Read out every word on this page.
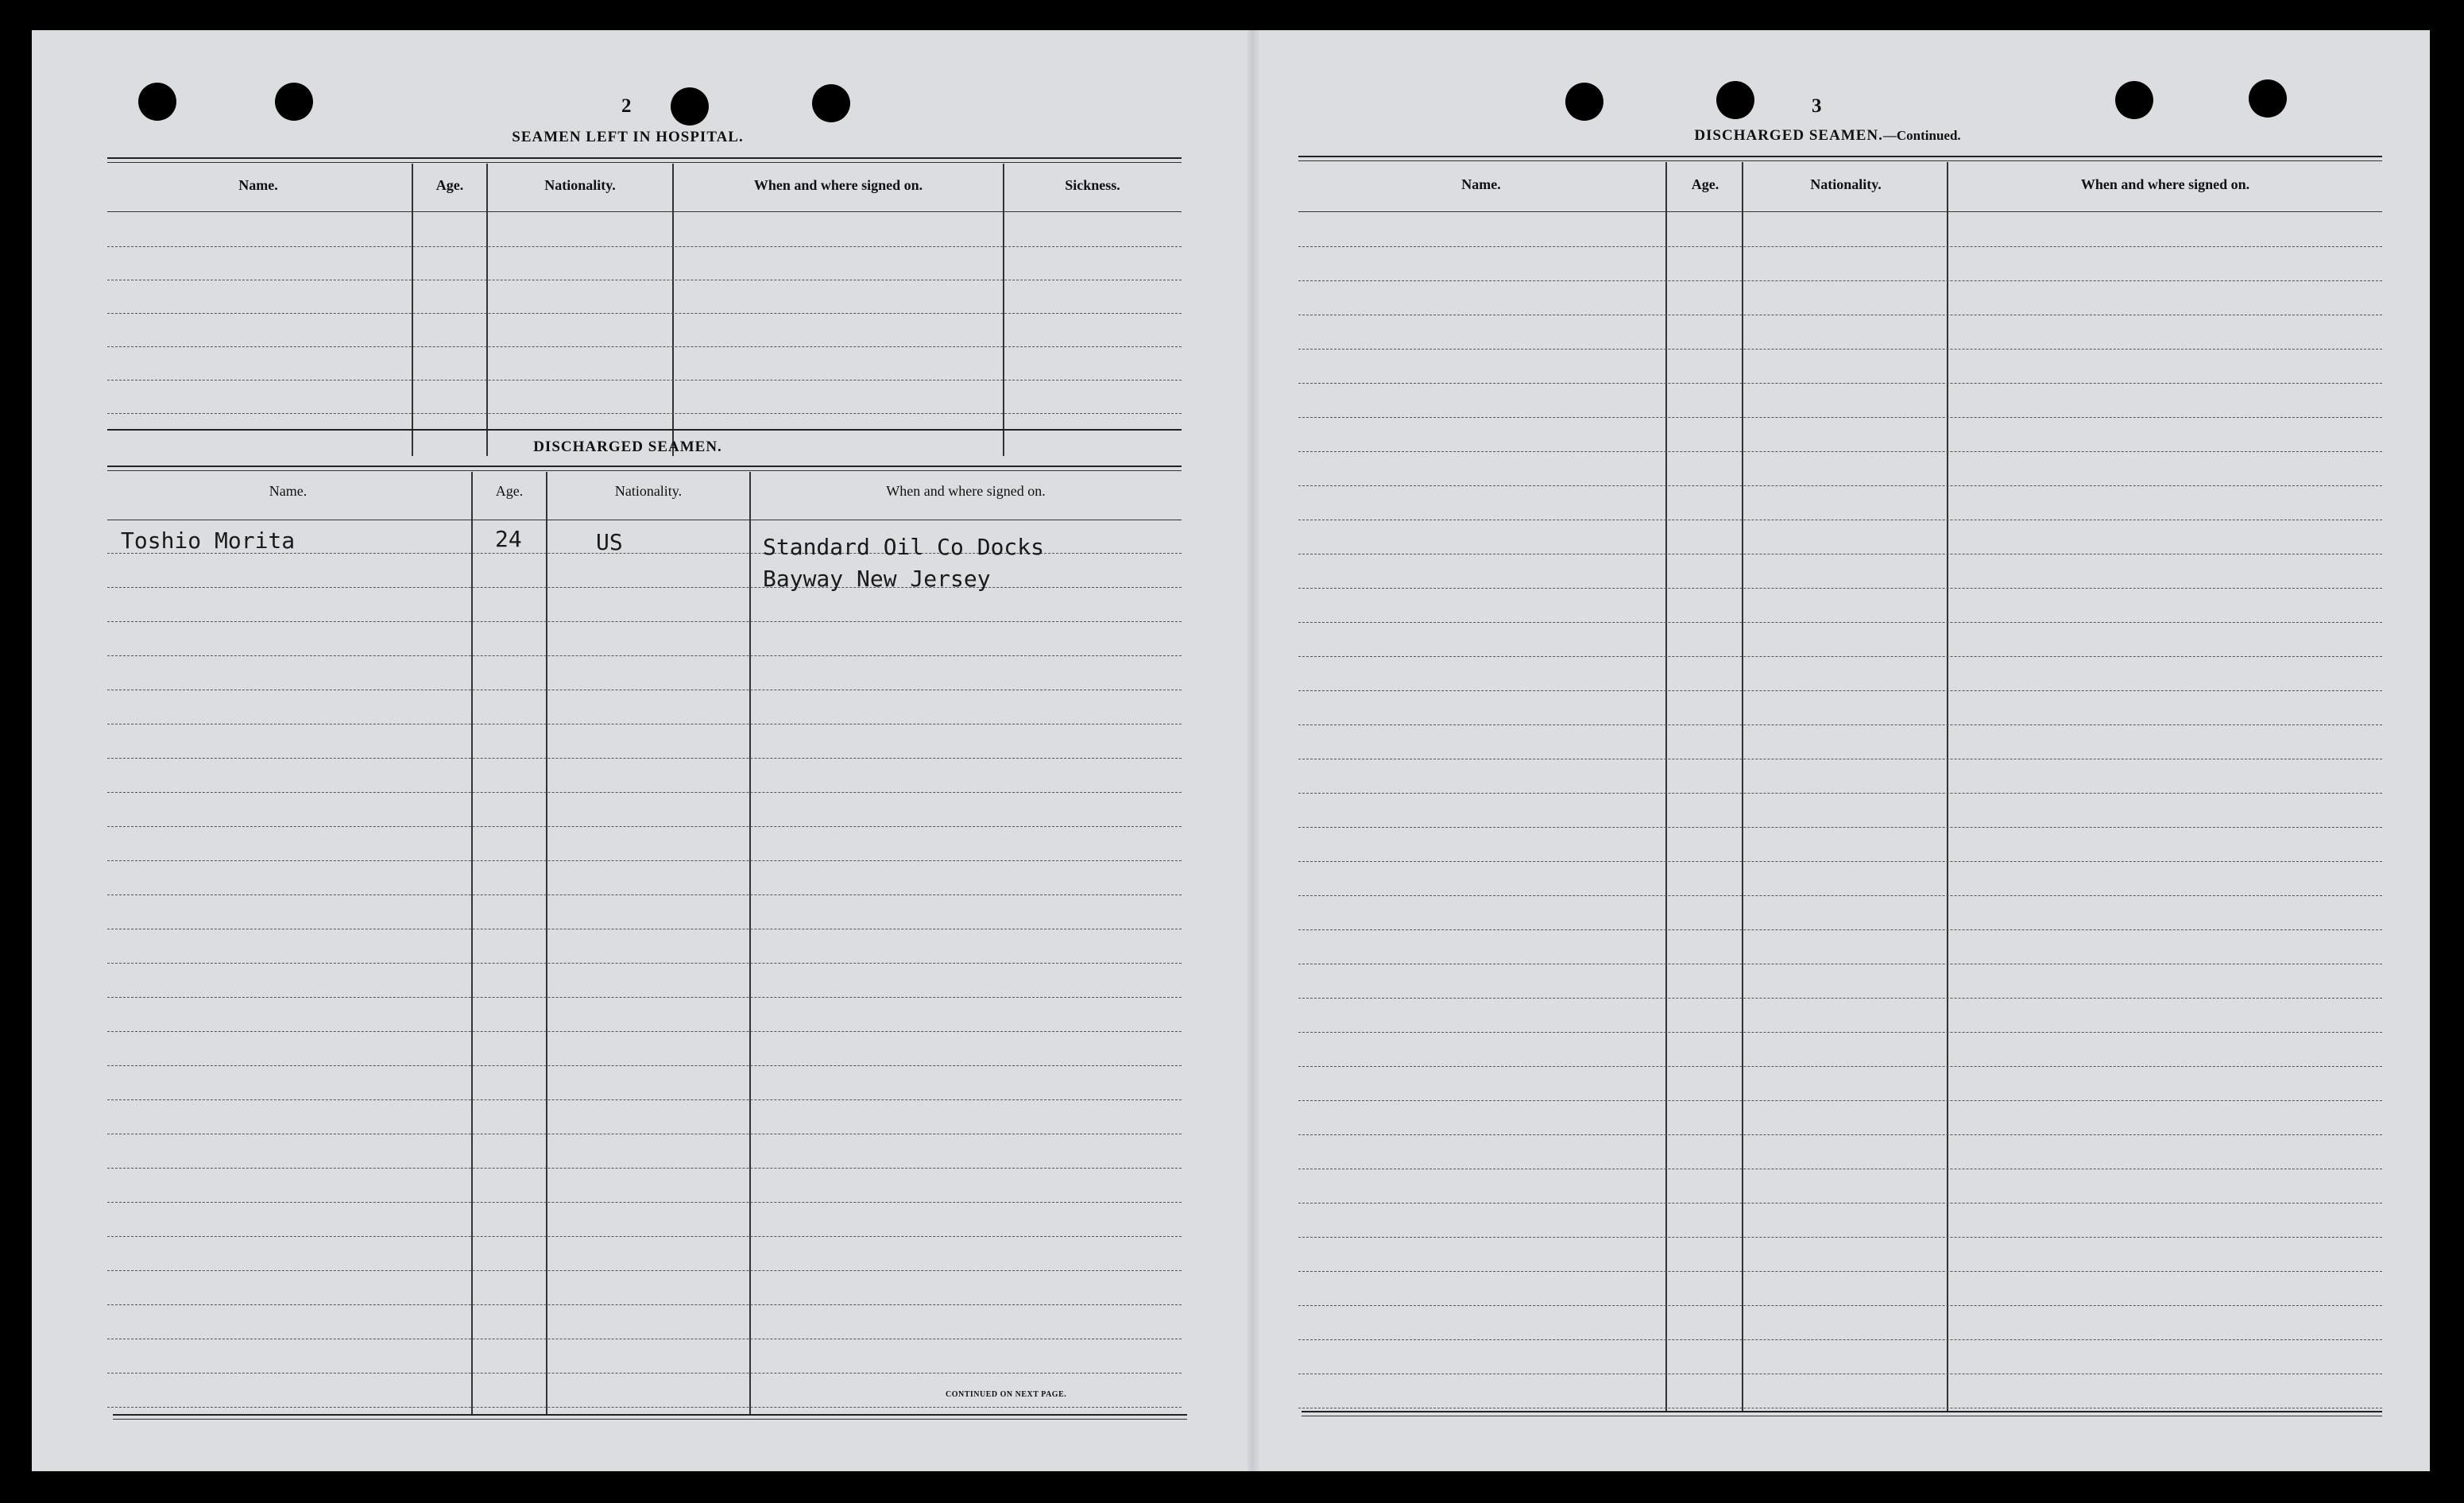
2
SEAMEN LEFT IN HOSPITAL.
Name.	Age.	Nationality.	When and where signed on.	Sickness.
DISCHARGED SEAMEN.
Name.	Age.	Nationality.	When and where signed on.
Toshio Morita	24	US	Standard Oil Co Docks
Bayway New Jersey
CONTINUED ON NEXT PAGE.
3
DISCHARGED SEAMEN.—Continued.
Name.	Age.	Nationality.	When and where signed on.
